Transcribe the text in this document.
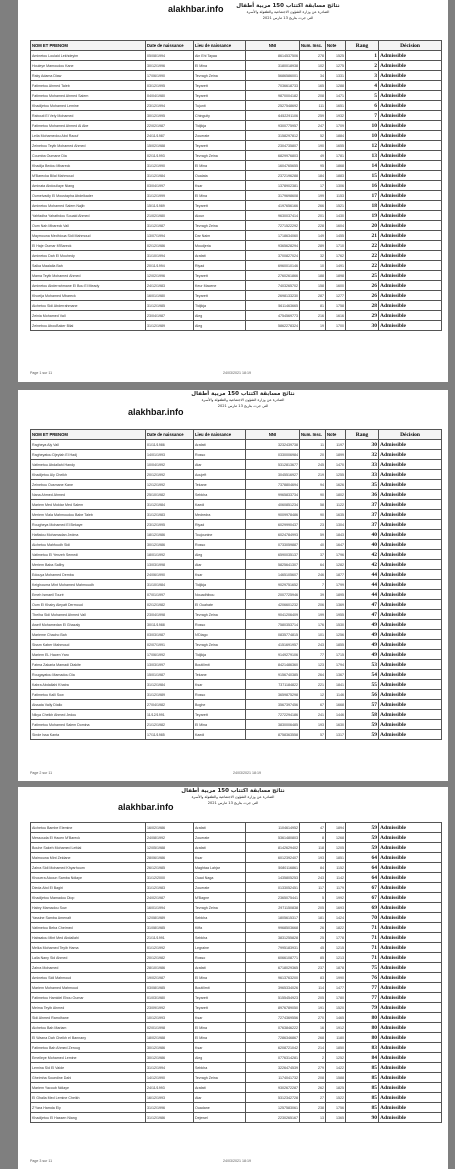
alakhbar.info	نتائج مسابقة اكتتاب 150 مربية أطفال
الصادرة عن وزارة الشؤون الاجتماعية والطفولة والأسرة
التي جرت بتاريخ 13 مارس 2021
NOM ET PRENOM	Date de naissance	Lieu de naissance	NNI	Num. Insc.	Note	Rang	Décision
Aminetou Loulaid Lekhdeyim	05/08/1994	Ain Ehl Tayaa	8614537506	278	1525	1	Admissible
Houleye Mamoudou Kane	30/12/1996	El Mina	3180018938	102	1275	2	Admissible
Raky Adama Diaw	17/06/1990	Tevragh Zeina	5686586001	34	1331	3	Admissible
Fatimetou Ahmed Taleb	03/12/1995	Teyarett	7036618733	165	1288	4	Admissible
Fatimetou Mohamed Ahmed Salem	04/04/1980	Teyarett	9870004182	208	1471	5	Admissible
Khadijetou Mohamed Lemine	23/12/1994	Tujunit	2527548692	111	1651	6	Admissible
Rabouti El Vely Mohamed	30/12/1995	Chinguity	6452291106	259	1932	7	Admissible
Fatimetou Mohamed Ahmed Al Abe	22/02/1987	Tidjikja	9300775957	247	1709	10	Admissible
Leila Mohamedou Abd Raouf	24/11/1987	Zouerate	3158297812	52	1884	10	Admissible
Zeinebou Teyib Mohamed Ahmed	15/02/1988	Teyarett	2304735807	190	1655	12	Admissible
Coumba Oumane Dia	02/11/1993	Tevragh Zeina	6829976803	49	1781	13	Admissible
Khadija Bedou Mbareck	31/12/1990	El Mina	1604765655	95	1868	14	Admissible
M'Barecka Bilal Mahmoud	31/12/1984	Oualata	2372196288	184	1883	15	Admissible
Aminata Abdoullaye Niang	03/04/1997	Ksar	1378902381	17	1306	16	Admissible
Oumelvadly El Moustapha Abdelkader	31/12/1999	El Mina	3179698608	199	1153	17	Admissible
Aminetou Mohamed Salem Najib	15/11/1989	Teyarett	4197656166	266	1521	18	Admissible
Yahfadha Yahathdou Souaid Ahmed	21/02/1980	Aioun	9630037414	201	1430	19	Admissible
Oum Nah Mbareck Vall	31/12/1987	Tevragh Zeina	7271522292	228	1604	20	Admissible
Maymouna Medhioua Sidi Mahmoud	13/07/1994	Dar Naim	1718634060	149	1455	21	Admissible
El Haje Oumar M'Bareck	02/12/1986	Moudjeria	9365628294	289	1710	22	Admissible
Aminetou Dah El Mouhedy	31/10/1994	Arafatt	3700827024	32	1762	22	Admissible
Salka Maalalla Bah	20/11/1994	Riyad	6960010146	10	1491	22	Admissible
Mama Teyib Mohamed Ahmed	12/02/1996	Teyarett	2760261866	188	1898	25	Admissible
Aminetou Abderrahmane El Bou El Meady	24/12/1983	Keur Macene	7403265702	158	1600	26	Admissible
Khoeija Mohamed Mbareck	16/01/1980	Teyarett	2698133230	287	1277	26	Admissible
Aichetou Sidi Abderrahmane	31/12/1985	Tidjikja	5611463665	81	1758	28	Admissible
Zeinia Mohamed Vall	23/04/1987	Aleg	4754569773	216	1616	29	Admissible
Zeinebou AbouBaker Bilal	31/12/1989	Aleg	5862278324	19	1700	30	Admissible
Page 1 sur 11	24/03/2021 18:19
alakhbar.info
نتائج مسابقة اكتتاب 150 مربية أطفال
الصادرة عن وزارة الشؤون الاجتماعية والطفولة والأسرة
التي جرت بتاريخ 13 مارس 2021
NOM ET PRENOM	Date de naissance	Lieu de naissance	NNI	Num. Insc.	Note	Rang	Décision
Ragheya Aly Vall	01/11/1986	Arafatt	3232439738	11	1197	30	Admissible
Ragheyatou Djeylah El Hadj	14/01/1993	Rosso	0330006984	20	1899	32	Admissible
Vatimetou Abdallahi Handy	10/04/1992	Atar	5312813677	245	1470	33	Admissible
Khadijetou Aly Cheikh	20/12/1992	Aoujeft	3045516927	219	1255	33	Admissible
Zeinebou Ousmane Kane	12/12/1992	Tekane	7378804694	94	1626	35	Admissible
Nana Ahmed Ahmed	25/10/1982	Sebkha	9965833734	90	1802	36	Admissible
Mariem Med Moktar Med Salem	31/12/1984	Kaedi	4060851234	58	1122	37	Admissible
Meriem Vlala Mahmoudou Babe Taleb	31/12/1983	Medredra	9009978486	90	1635	37	Admissible
Rougheya Mohamed El Bekaye	23/12/1995	Riyad	6029990437	23	1304	37	Admissible
Haftatou Mohamadan Jedma	18/12/1986	Toujounine	6024784993	59	1843	40	Admissible
Aichetou Mahfoudh Sidi	30/12/1986	Rosso	0733059887	40	1647	40	Admissible
Vatimetou El Yenzeh Semedi	18/01/1992	Aleg	6590035137	37	1796	42	Admissible
Meriem Baba Sallhy	13/03/1998	Atar	5825641307	64	1282	42	Admissible
Edouya Mohamed Demba	24/06/1990	Ksar	1465105607	246	1877	44	Admissible
Keighouma Mint Mohamed Mahmoudh	31/10/1984	Tidjikja	9029751652	7	1799	44	Admissible
Emeh Ismaeil Touré	07/01/1997	Nouadhibou	2007725946	39	1895	44	Admissible
Oum El Khairy Aleyatt Dermoud	02/12/1982	El Ouahate	4206601232	206	1369	47	Admissible
Tbeiha Sidi Mohamed Ahmed Vall	23/04/1998	Tevragh Zeina	9041206409	199	1955	47	Admissible
Aweif Mohamedan El Ghazaly	30/11/1988	Rosso	7580353714	176	1530	49	Admissible
Marieme Chacho Bah	03/03/1987	N'Diago	0835774815	101	1256	49	Admissible
Sissm Kaber Mahmoud	02/07/1991	Tevragh Zeina	4151691957	243	1855	49	Admissible
Mariem EL Hacen Yaro	17/06/1992	Tidjikja	9149279106	77	1715	49	Admissible
Fatma Zakaria Mamadi Diakite	13/03/1997	Boutilimit	8421486360	123	1794	53	Admissible
Rougayatou Mamadou Dia	15/01/1987	Tekane	9156740385	264	1367	54	Admissible
Kabra Abdallahi Khatra	31/12/1984	Ksar	7371184822	221	1841	55	Admissible
Fatimetou Kalli Sow	31/12/1989	Rosso	3659875298	12	1146	56	Admissible
Aissata Vally Diallo	27/04/1982	Boghe	3567397456	67	1668	57	Admissible
Nikya Cheikh Ahmed Jedou	11/12/1991	Teyarett	7272294186	241	1446	58	Admissible
Fatimetou Mohamed Salem Domina	21/12/1982	El Mina	3830006485	193	1630	59	Admissible
Sinde Issa Kanta	17/11/1985	Kaedi	8758363558	57	1317	59	Admissible
Page 2 sur 11	24/03/2021 18:19
alakhbar.info
نتائج مسابقة اكتتاب 150 مربية أطفال
الصادرة عن وزارة الشؤون الاجتماعية والطفولة والأسرة
التي جرت بتاريخ 13 مارس 2021
Aichetou Bambe Elemine	16/02/1986	Arafatt	1104614952	47	1894	59	Admissible
Messouda El Hacen M'Bareck	24/08/1992	Zouerate	5361480803	8	1268	59	Admissible
Bouhe Sakeh Mohamed Lefdal	12/05/1988	Arafatt	8142629402	118	1205	59	Admissible
Maimouna Mint Zeidane	28/06/1986	Ksar	6012392407	193	1851	64	Admissible
Zahra Sidi Mohamed Khyarhoum	26/12/1985	Maghtaa Lahjar	5080116861	84	1152	64	Admissible
Khouera Aicoun Samba Ndiaye	31/12/2000	Ouad Naga	1435805253	243	1142	64	Admissible
Dieda Abd El Bagiri	31/12/1983	Zouerate	0133052451	117	1179	67	Admissible
Khadijetou Mamadou Diop	24/02/1987	M'Bagne	2365075441	5	1992	67	Admissible
Habry Mamadou Sow	16/01/1994	Tevragh Zeina	2971150838	205	1693	69	Admissible
Yassine Samba Amenalt	12/08/1989	Sebkha	1805615317	181	1424	70	Admissible
Vatimetou Beba Cheimed	31/08/1985	Kiffa	9968503668	26	1822	71	Admissible
Habsatou Mint Med Abdallahi	21/11/1991	Sebkha	3831255828	25	1778	71	Admissible
Melka Mohamed Teyib Hama	01/12/1992	Legraine	7995183931	45	1215	71	Admissible
Lalla Nany Sid Ahmed	20/12/1982	Rosso	6066108771	85	1213	71	Admissible
Zahra Mohamed	28/10/1986	Arafatt	6718029365	237	1878	75	Admissible
Aminetou Sidi Mahmoud	19/02/1987	El Mina	9613763200	83	1990	76	Admissible
Mariem Mohamed Mahmoud	03/08/1985	Boutilimit	3965334026	114	1477	77	Admissible
Fatimetou Hamidel Ebou Oumar	01/03/1980	Teyarett	5155454923	205	1780	77	Admissible
Meima Teyib Ahmed	23/09/1992	Teyarett	8976789050	191	1520	79	Admissible
Sidi Ahmed Ramdhane	10/12/1993	Ksar	7274369556	270	1465	80	Admissible
Aichetou Bah Mariam	02/01/1998	El Mina	0763846222	16	1912	80	Admissible
El Wazna Dah Cheikh el Bannany	18/02/1988	El Mina	7286346867	268	1180	80	Admissible
Fatimetou Bah Ahmed Zeroug	30/12/1986	Ksar	6208721042	214	1850	83	Admissible
Emeileye Mohamed Lemine	30/12/1986	Aleg	0776314281	2	1252	84	Admissible
Lemina Sid El Vaide	31/12/1994	Sebkha	3226474539	279	1422	85	Admissible
Gheimha Souedine Dahi	14/12/1990	Tevragh Zeina	1174041732	208	1588	85	Admissible
Mariem Yacoub Ndiaye	24/11/1993	Arafatt	9302672287	262	1825	85	Admissible
El Ghalia Med Lemine Cheikh	16/12/1993	Atar	5312342728	27	1522	85	Admissible
Z'Yara Hamda Ely	31/12/1996	Ouadane	1257583061	238	1756	85	Admissible
Khadijetou El Hassen Niang	31/12/1986	Dejewel	2230265167	13	1365	90	Admissible
Page 3 sur 11	24/03/2021 18:19
